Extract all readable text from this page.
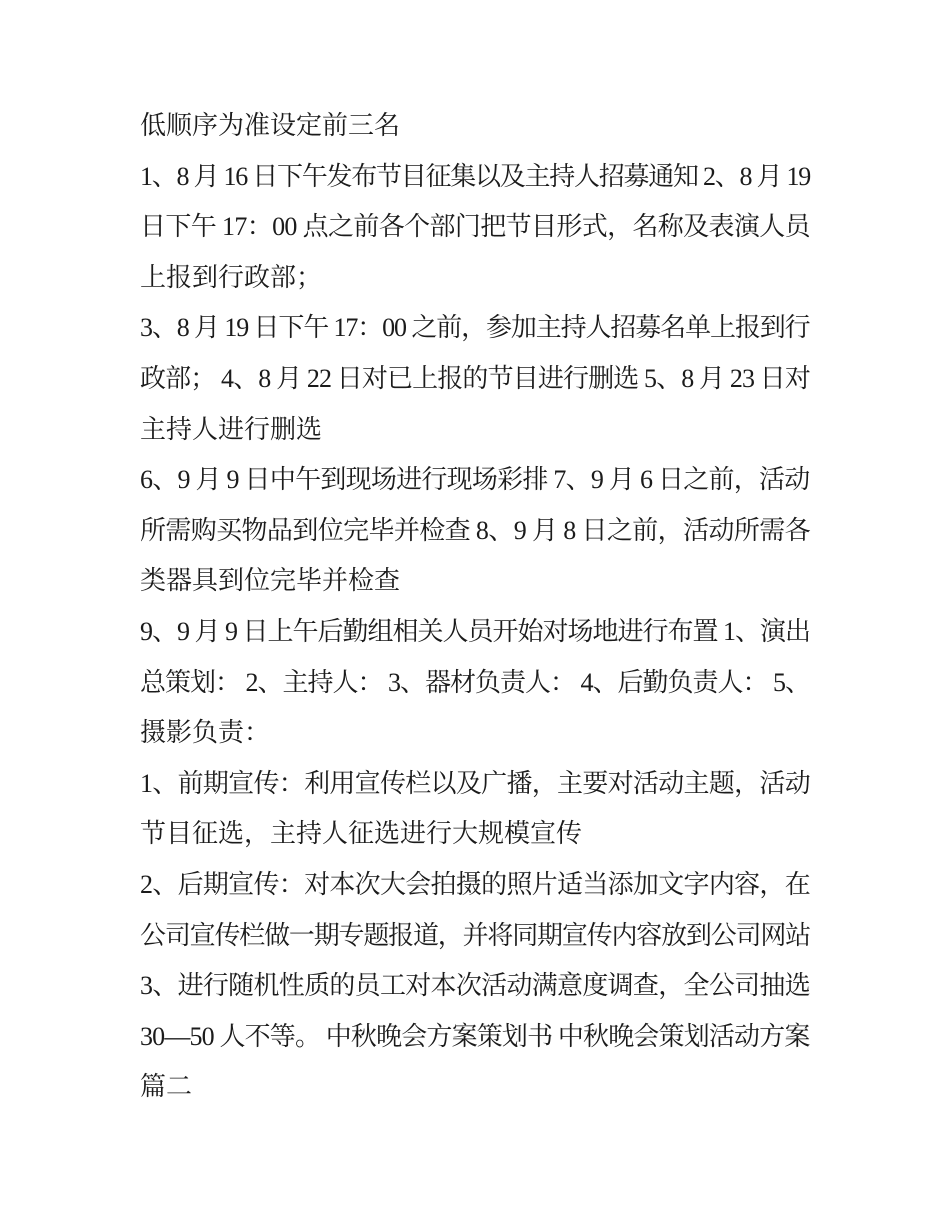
低顺序为准设定前三名
1、8 月 16 日下午发布节目征集以及主持人招募通知 2、8 月 19
日下午 17：00 点之前各个部门把节目形式，名称及表演人员
上报到行政部；
3、8 月 19 日下午 17：00 之前，参加主持人招募名单上报到行
政部； 4、8 月 22 日对已上报的节目进行删选 5、8 月 23 日对
主持人进行删选
6、9 月 9 日中午到现场进行现场彩排 7、9 月 6 日之前，活动
所需购买物品到位完毕并检查 8、9 月 8 日之前，活动所需各
类器具到位完毕并检查
9、9 月 9 日上午后勤组相关人员开始对场地进行布置 1、演出
总策划： 2、主持人： 3、器材负责人： 4、后勤负责人： 5、
摄影负责：
1、前期宣传：利用宣传栏以及广播，主要对活动主题，活动
节目征选，主持人征选进行大规模宣传
2、后期宣传：对本次大会拍摄的照片适当添加文字内容，在
公司宣传栏做一期专题报道，并将同期宣传内容放到公司网站
3、进行随机性质的员工对本次活动满意度调查，全公司抽选
30—50 人不等。 中秋晚会方案策划书 中秋晚会策划活动方案
篇二
